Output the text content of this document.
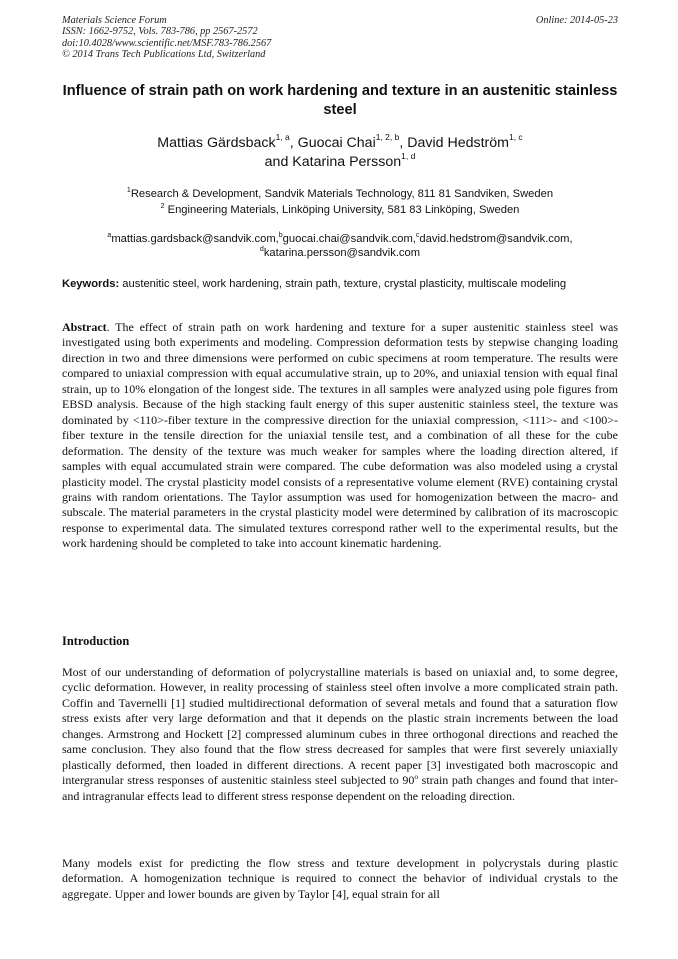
Materials Science Forum
ISSN: 1662-9752, Vols. 783-786, pp 2567-2572
doi:10.4028/www.scientific.net/MSF.783-786.2567
© 2014 Trans Tech Publications Ltd, Switzerland
Online: 2014-05-23
Influence of strain path on work hardening and texture in an austenitic stainless steel
Mattias Gärdsback$^{1, a}$, Guocai Chai$^{1, 2, b}$, David Hedström$^{1, c}$
and Katarina Persson$^{1, d}$
$^1$Research & Development, Sandvik Materials Technology, 811 81 Sandviken, Sweden
$^2$ Engineering Materials, Linköping University, 581 83 Linköping, Sweden
$^a$mattias.gardsback@sandvik.com,$^b$guocai.chai@sandvik.com,$^c$david.hedstrom@sandvik.com,
$^d$katarina.persson@sandvik.com
Keywords: austenitic steel, work hardening, strain path, texture, crystal plasticity, multiscale modeling
Abstract. The effect of strain path on work hardening and texture for a super austenitic stainless steel was investigated using both experiments and modeling. Compression deformation tests by stepwise changing loading direction in two and three dimensions were performed on cubic specimens at room temperature. The results were compared to uniaxial compression with equal accumulative strain, up to 20%, and uniaxial tension with equal final strain, up to 10% elongation of the longest side. The textures in all samples were analyzed using pole figures from EBSD analysis. Because of the high stacking fault energy of this super austenitic stainless steel, the texture was dominated by <110>-fiber texture in the compressive direction for the uniaxial compression, <111>- and <100>-fiber texture in the tensile direction for the uniaxial tensile test, and a combination of all these for the cube deformation. The density of the texture was much weaker for samples where the loading direction altered, if samples with equal accumulated strain were compared. The cube deformation was also modeled using a crystal plasticity model. The crystal plasticity model consists of a representative volume element (RVE) containing crystal grains with random orientations. The Taylor assumption was used for homogenization between the macro- and subscale. The material parameters in the crystal plasticity model were determined by calibration of its macroscopic response to experimental data. The simulated textures correspond rather well to the experimental results, but the work hardening should be completed to take into account kinematic hardening.
Introduction
Most of our understanding of deformation of polycrystalline materials is based on uniaxial and, to some degree, cyclic deformation. However, in reality processing of stainless steel often involve a more complicated strain path. Coffin and Tavernelli [1] studied multidirectional deformation of several metals and found that a saturation flow stress exists after very large deformation and that it depends on the plastic strain increments between the load changes. Armstrong and Hockett [2] compressed aluminum cubes in three orthogonal directions and reached the same conclusion. They also found that the flow stress decreased for samples that were first severely uniaxially plastically deformed, then loaded in different directions. A recent paper [3] investigated both macroscopic and intergranular stress responses of austenitic stainless steel subjected to 90$^o$ strain path changes and found that inter- and intragranular effects lead to different stress response dependent on the reloading direction.
Many models exist for predicting the flow stress and texture development in polycrystals during plastic deformation. A homogenization technique is required to connect the behavior of individual crystals to the aggregate. Upper and lower bounds are given by Taylor [4], equal strain for all
